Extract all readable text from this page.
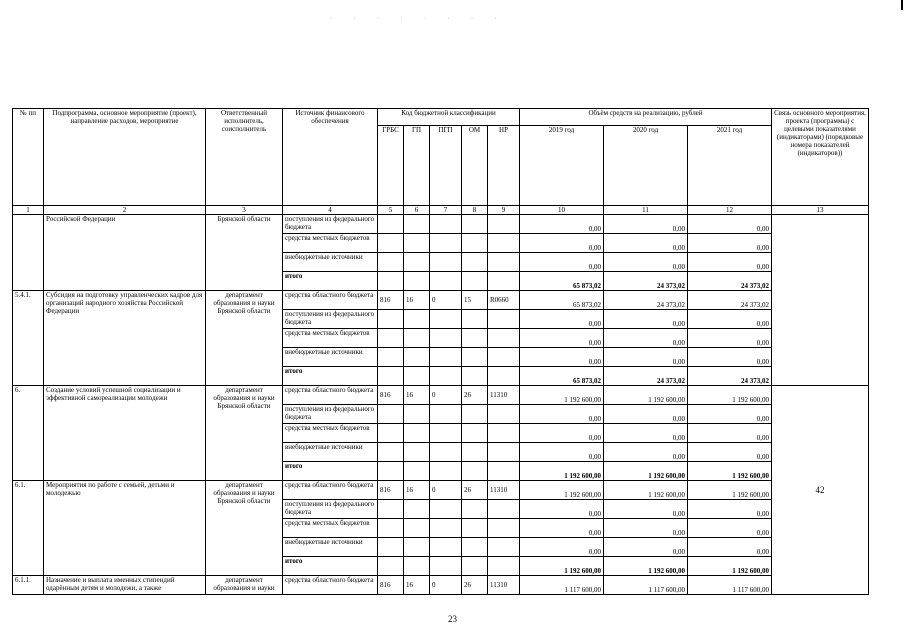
· · · · · · · ·
№ пп	Подпрограмма, основное мероприятие (проект), направление расходов, мероприятие	Ответственный исполнитель, соисполнитель	Источник финансового обеспечения	Код бюджетной классификации					Объём средств на реализацию, рублей			Связь основного мероприятия, проекта (программы) с целевыми показателями (индикаторами) (порядковые номера показателей (индикаторов))
				ГРБС	ГП	ПГП	ОМ	НР	2019 год	2020 год	2021 год	
1	2	3	4	5	6	7	8	9	10	11	12	13
	Российской Федерации	Брянской области	поступления из федерального бюджета						0,00	0,00	0,00	
			средства местных бюджетов						0,00	0,00	0,00	
			внебюджетные источники						0,00	0,00	0,00	
			итого						65 873,02	24 373,02	24 373,02	
5.4.1.	Субсидия на подготовку управленческих кадров для организаций народного хозяйства Российской Федерации	департамент образования и науки Брянской области	средства областного бюджета	816	16	0	15	R0660	65 873,02	24 373,02	24 373,02	
			поступления из федерального бюджета						0,00	0,00	0,00	
			средства местных бюджетов						0,00	0,00	0,00	
			внебюджетные источники						0,00	0,00	0,00	
			итого						65 873,02	24 373,02	24 373,02	
6.	Создание условий успешной социализации и эффективной самореализации молодежи	департамент образования и науки Брянской области	средства областного бюджета	816	16	0	26	11310	1 192 600,00	1 192 600,00	1 192 600,00	42
			поступления из федерального бюджета						0,00	0,00	0,00	
			средства местных бюджетов						0,00	0,00	0,00	
			внебюджетные источники						0,00	0,00	0,00	
			итого						1 192 600,00	1 192 600,00	1 192 600,00	
6.1.	Мероприятия по работе с семьей, детьми и молодежью	департамент образования и науки Брянской области	средства областного бюджета	816	16	0	26	11310	1 192 600,00	1 192 600,00	1 192 600,00	
			поступления из федерального бюджета						0,00	0,00	0,00	
			средства местных бюджетов						0,00	0,00	0,00	
			внебюджетные источники						0,00	0,00	0,00	
			итого						1 192 600,00	1 192 600,00	1 192 600,00	
6.1.1.	Назначение и выплата именных стипендий одарённым детям и молодежи, а также	департамент образования и науки	средства областного бюджета	816	16	0	26	11310	1 117 600,00	1 117 600,00	1 117 600,00	
23
